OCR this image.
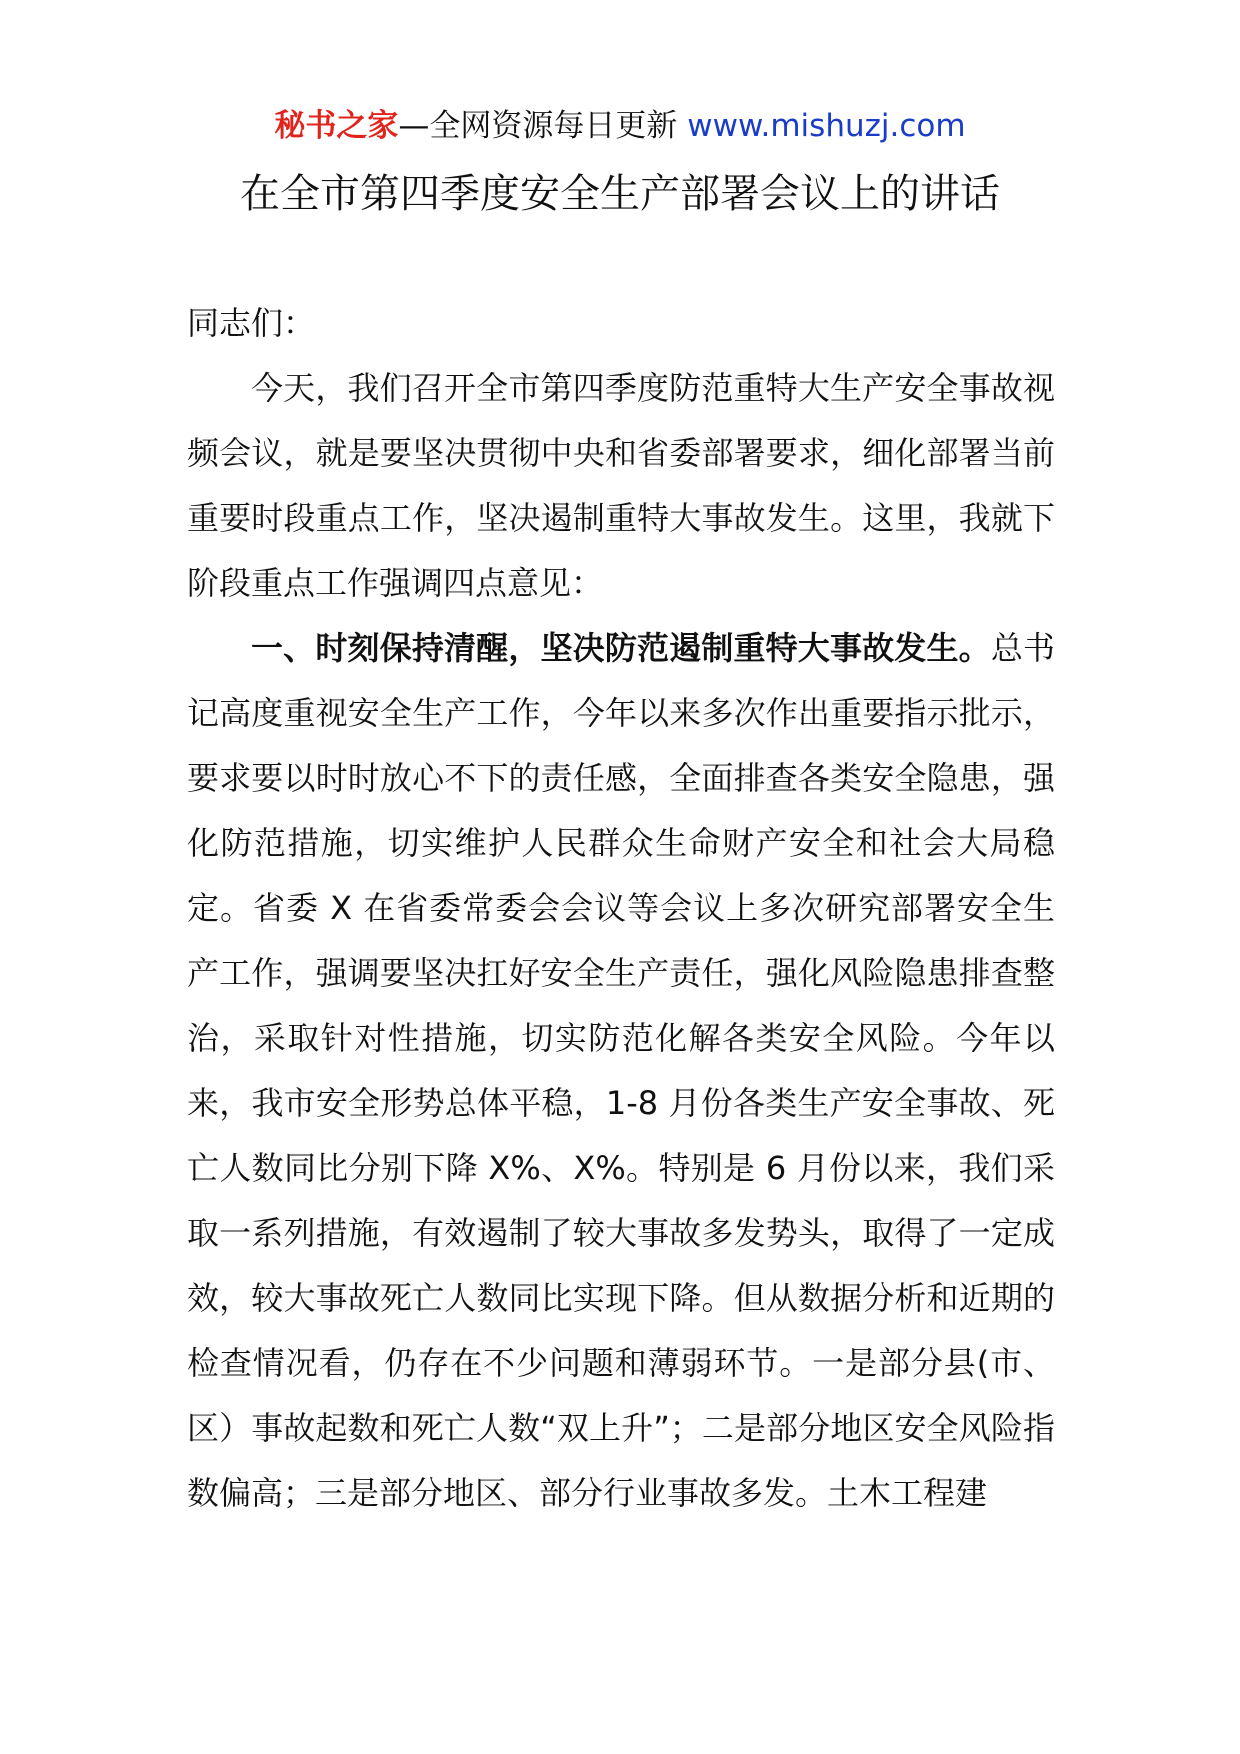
秘书之家—全网资源每日更新 www.mishuzj.com
在全市第四季度安全生产部署会议上的讲话

同志们：

今天，我们召开全市第四季度防范重特大生产安全事故视频会议，就是要坚决贯彻中央和省委部署要求，细化部署当前重要时段重点工作，坚决遏制重特大事故发生。这里，我就下阶段重点工作强调四点意见：

一、时刻保持清醒，坚决防范遏制重特大事故发生。总书记高度重视安全生产工作，今年以来多次作出重要指示批示，要求要以时时放心不下的责任感，全面排查各类安全隐患，强化防范措施，切实维护人民群众生命财产安全和社会大局稳定。省委 X 在省委常委会会议等会议上多次研究部署安全生产工作，强调要坚决扛好安全生产责任，强化风险隐患排查整治，采取针对性措施，切实防范化解各类安全风险。今年以来，我市安全形势总体平稳，1-8 月份各类生产安全事故、死亡人数同比分别下降 X%、X%。特别是 6 月份以来，我们采取一系列措施，有效遏制了较大事故多发势头，取得了一定成效，较大事故死亡人数同比实现下降。但从数据分析和近期的检查情况看，仍存在不少问题和薄弱环节。一是部分县(市、区）事故起数和死亡人数“双上升”；二是部分地区安全风险指数偏高；三是部分地区、部分行业事故多发。土木工程建
